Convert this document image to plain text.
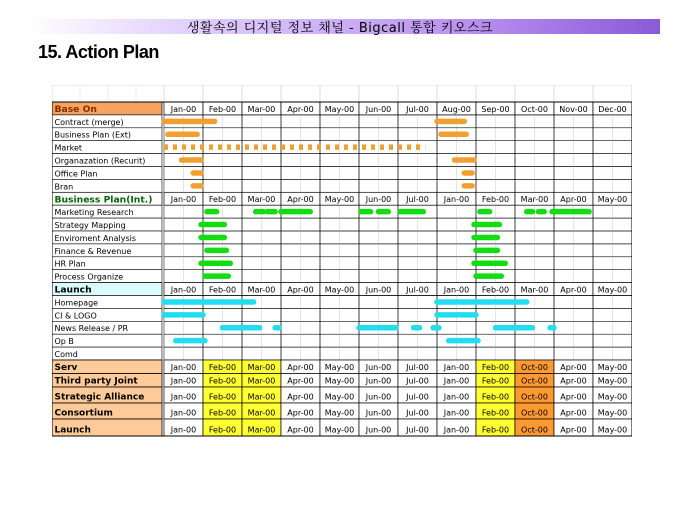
생활속의 디지털 정보 채널 - Bigcall 통합 키오스크
15. Action Plan
Base On	Jan-00 Feb-00 Mar-00 Apr-00 May-00 Jun-00 Jul-00 Aug-00 Sep-00 Oct-00 Nov-00 Dec-00
Contract (merge)
Business Plan (Ext)
Market
Organazation (Recurit)
Office Plan
Bran
Business Plan(Int.) Jan-00 Feb-00 Mar-00 Apr-00 May-00 Jun-00 Jul-00 Jan-00 Feb-00 Mar-00 Apr-00 May-00
Marketing Research
Strategy Mapping
Enviroment Analysis
Finance & Revenue
HR Plan
Process Organize
Launch	Jan-00 Feb-00 Mar-00 Apr-00 May-00 Jun-00 Jul-00 Jan-00 Feb-00 Mar-00 Apr-00 May-00
Homepage
CI & LOGO
News Release / PR
Op B
Comd
Serv	Jan-00 Feb-00 Mar-00 Apr-00 May-00 Jun-00 Jul-00 Jan-00 Feb-00 Oct-00 Apr-00 May-00
Third party Joint	Jan-00 Feb-00 Mar-00 Apr-00 May-00 Jun-00 Jul-00 Jan-00 Feb-00 Oct-00 Apr-00 May-00
Strategic Alliance	Jan-00 Feb-00 Mar-00 Apr-00 May-00 Jun-00 Jul-00 Jan-00 Feb-00 Oct-00 Apr-00 May-00
Consortium	Jan-00 Feb-00 Mar-00 Apr-00 May-00 Jun-00 Jul-00 Jan-00 Feb-00 Oct-00 Apr-00 May-00
Launch	Jan-00 Feb-00 Mar-00 Apr-00 May-00 Jun-00 Jul-00 Jan-00 Feb-00 Oct-00 Apr-00 May-00
